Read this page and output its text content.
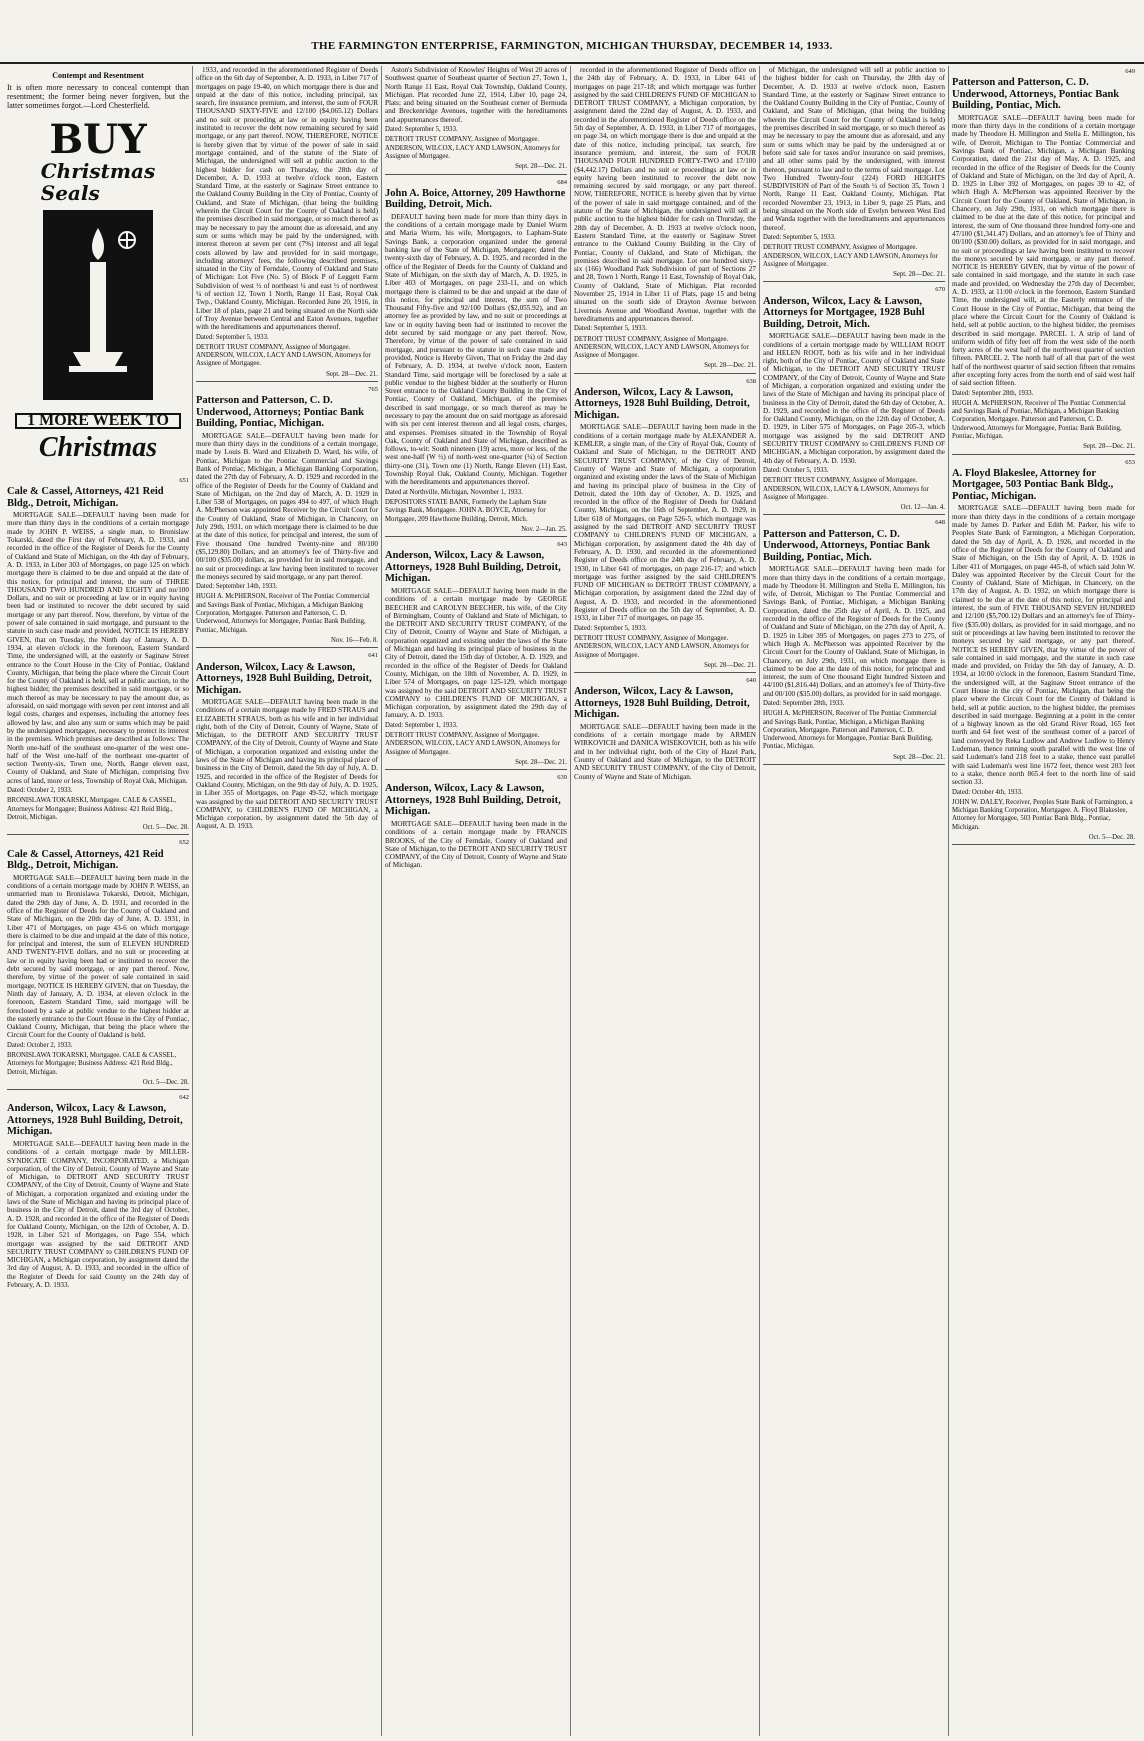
THE FARMINGTON ENTERPRISE, FARMINGTON, MICHIGAN THURSDAY, DECEMBER 14, 1933.
Contempt and Resentment
It is often more necessary to conceal contempt than resentment; the former being never forgiven, but the latter sometimes forgot.—Lord Chesterfield.
BUY Christmas
Seals
1 MORE WEEK TO
Christmas
651
Cale & Cassel, Attorneys, 421 Reid Bldg., Detroit, Michigan.
MORTGAGE SALE—DEFAULT having been made for more than thirty days in the conditions of a certain mortgage made by JOHN P. WEISS, a single man, to Bronislaw Tokarski, dated the First day of February, A. D. 1933, and recorded in the office of the Register of Deeds for the County of Oakland and State of Michigan, on the 4th day of February, A. D. 1933, in Liber 303 of Mortgages, on page 125 on which mortgage there is claimed to be due and unpaid at the date of this notice, for principal and interest, the sum of THREE THOUSAND TWO HUNDRED AND EIGHTY and no/100 Dollars, and no suit or proceeding at law or in equity having been had or instituted to recover the debt secured by said mortgage or any part thereof. Now, therefore, by virtue of the power of sale contained in said mortgage, and pursuant to the statute in such case made and provided, NOTICE IS HEREBY GIVEN, that on Tuesday, the Ninth day of January, A. D. 1934, at eleven o'clock in the forenoon, Eastern Standard Time, the undersigned will, at the easterly or Saginaw Street entrance to the Court House in the City of Pontiac, Oakland County, Michigan, that being the place where the Circuit Court for the County of Oakland is held, sell at public auction, to the highest bidder, the premises described in said mortgage, or so much thereof as may be necessary to pay the amount due, as aforesaid, on said mortgage with seven per cent interest and all legal costs, charges and expenses, including the attorney fees allowed by law, and also any sum or sums which may be paid by the undersigned mortgagee, necessary to protect its interest in the premises. Which premises are described as follows: The North one-half of the southeast one-quarter of the west one-half of the West one-half of the northeast one-quarter of section Twenty-six, Town one, North, Range eleven east, County of Oakland, and State of Michigan, comprising five acres of land, more or less, Township of Royal Oak, Michigan.
Dated: October 2, 1933.
BRONISLAWA TOKARSKI, Mortgagee. CALE & CASSEL, Attorneys for Mortgagee; Business Address: 421 Reid Bldg., Detroit, Michigan.
Oct. 5—Dec. 28.
652
Cale & Cassel, Attorneys, 421 Reid Bldg., Detroit, Michigan.
MORTGAGE SALE—DEFAULT having been made in the conditions of a certain mortgage made by JOHN P. WEISS, an unmarried man to Bronislawa Tokarski, Detroit, Michigan, dated the 29th day of June, A. D. 1931, and recorded in the office of the Register of Deeds for the County of Oakland and State of Michigan, on the 20th day of June, A. D. 1931, in Liber 471 of Mortgages, on page 43-6 on which mortgage there is claimed to be due and unpaid at the date of this notice, for principal and interest, the sum of ELEVEN HUNDRED AND TWENTY-FIVE dollars, and no suit or proceeding at law or in equity having been had or instituted to recover the debt secured by said mortgage, or any part thereof. Now, therefore, by virtue of the power of sale contained in said mortgage, NOTICE IS HEREBY GIVEN, that on Tuesday, the Ninth day of January, A. D. 1934, at eleven o'clock in the forenoon, Eastern Standard Time, said mortgage will be foreclosed by a sale at public vendue to the highest bidder at the easterly entrance to the Court House in the City of Pontiac, Oakland County, Michigan, that being the place where the Circuit Court for the County of Oakland is held.
Dated: October 2, 1933.
BRONISLAWA TOKARSKI, Mortgagee. CALE & CASSEL, Attorneys for Mortgagee; Business Address: 421 Reid Bldg., Detroit, Michigan.
Oct. 5—Dec. 28.
642
Anderson, Wilcox, Lacy & Lawson, Attorneys, 1928 Buhl Building, Detroit, Michigan.
MORTGAGE SALE—DEFAULT having been made in the conditions of a certain mortgage made by MILLER-SYNDICATE COMPANY, INCORPORATED, a Michigan corporation, of the City of Detroit, County of Wayne and State of Michigan, to DETROIT AND SECURITY TRUST COMPANY, of the City of Detroit, County of Wayne and State of Michigan, a corporation organized and existing under the laws of the State of Michigan and having its principal place of business in the City of Detroit, dated the 3rd day of October, A. D. 1928, and recorded in the office of the Register of Deeds for Oakland County, Michigan, on the 12th of October, A. D. 1928, in Liber 521 of Mortgages, on Page 554, which mortgage was assigned by the said DETROIT AND SECURITY TRUST COMPANY to CHILDREN'S FUND OF MICHIGAN, a Michigan corporation, by assignment dated the 3rd day of August, A. D. 1933, and recorded in the office of the Register of Deeds for said County on the 24th day of February, A. D. 1933.
1933, and recorded in the aforementioned Register of Deeds office on the 6th day of September, A. D. 1933, in Liber 717 of mortgages on page 19-40, on which mortgage there is due and unpaid at the date of this notice, including principal, tax search, fire insurance premium, and interest, the sum of FOUR THOUSAND SIXTY-FIVE and 12/100 ($4,065.12) Dollars and no suit or proceeding at law or in equity having been instituted to recover the debt now remaining secured by said mortgage, or any part thereof. NOW, THEREFORE, NOTICE is hereby given that by virtue of the power of sale in said mortgage contained, and of the statute of the State of Michigan, the undersigned will sell at public auction to the highest bidder for cash on Thursday, the 28th day of December, A. D. 1933 at twelve o'clock noon, Eastern Standard Time, at the easterly or Saginaw Street entrance to the Oakland County Building in the City of Pontiac, County of Oakland, and State of Michigan, (that being the building wherein the Circuit Court for the County of Oakland is held) the premises described in said mortgage, or so much thereof as may be necessary to pay the amount due as aforesaid, and any sum or sums which may be paid by the undersigned, with interest thereon at seven per cent (7%) interest and all legal costs allowed by law and provided for in said mortgage, including attorneys' fees, the following described premises, situated in the City of Ferndale, County of Oakland and State of Michigan: Lot Five (No. 5) of Block P of Leggett Farm Subdivision of west ½ of northeast ¼ and east ½ of northwest ¼ of section 12, Town 1 North, Range 11 East, Royal Oak Twp., Oakland County, Michigan. Recorded June 20, 1916, in Liber 18 of plats, page 21 and being situated on the North side of Troy Avenue between Central and Eaton Avenues, together with the hereditaments and appurtenances thereof.
Dated: September 5, 1933.
DETROIT TRUST COMPANY, Assignee of Mortgagee. ANDERSON, WILCOX, LACY AND LAWSON, Attorneys for Assignee of Mortgagee.
Sept. 28—Dec. 21.
765
Patterson and Patterson, C. D. Underwood, Attorneys; Pontiac Bank Building, Pontiac, Michigan.
MORTGAGE SALE—DEFAULT having been made for more than thirty days in the conditions of a certain mortgage, made by Louis B. Ward and Elizabeth D. Ward, his wife, of Pontiac, Michigan to the Pontiac Commercial and Savings Bank of Pontiac, Michigan, a Michigan Banking Corporation, dated the 27th day of February, A. D. 1929 and recorded in the office of the Register of Deeds for the County of Oakland and State of Michigan, on the 2nd day of March, A. D. 1929 in Liber 538 of Mortgages, on pages 494 to 497, of which Hugh A. McPherson was appointed Receiver by the Circuit Court for the County of Oakland, State of Michigan, in Chancery, on July 29th, 1931, on which mortgage there is claimed to be due at the date of this notice, for principal and interest, the sum of Five thousand One hundred Twenty-nine and 80/100 ($5,129.80) Dollars, and an attorney's fee of Thirty-five and 00/100 ($35.00) dollars, as provided for in said mortgage, and no suit or proceedings at law having been instituted to recover the moneys secured by said mortgage, or any part thereof.
Dated: September 14th, 1933.
HUGH A. McPHERSON, Receiver of The Pontiac Commercial and Savings Bank of Pontiac, Michigan, a Michigan Banking Corporation, Mortgagee. Patterson and Patterson, C. D. Underwood, Attorneys for Mortgagee, Pontiac Bank Building, Pontiac, Michigan.
Nov. 16—Feb. 8.
641
Anderson, Wilcox, Lacy & Lawson, Attorneys, 1928 Buhl Building, Detroit, Michigan.
MORTGAGE SALE—DEFAULT having been made in the conditions of a certain mortgage made by FRED STRAUS and ELIZABETH STRAUS, both as his wife and in her individual right, both of the City of Detroit, County of Wayne, State of Michigan, to the DETROIT AND SECURITY TRUST COMPANY, of the City of Detroit, County of Wayne and State of Michigan, a corporation organized and existing under the laws of the State of Michigan and having its principal place of business in the City of Detroit, dated the 5th day of July, A. D. 1925, and recorded in the office of the Register of Deeds for Oakland County, Michigan, on the 9th day of July, A. D. 1925, in Liber 355 of Mortgages, on Page 49-52, which mortgage was assigned by the said DETROIT AND SECURITY TRUST COMPANY, to CHILDREN'S FUND OF MICHIGAN, a Michigan corporation, by assignment dated the 5th day of August, A. D. 1933.
Aston's Subdivision of Knowles' Heights of West 20 acres of Southwest quarter of Southeast quarter of Section 27, Town 1, North Range 11 East, Royal Oak Township, Oakland County, Michigan. Plat recorded June 22, 1914, Liber 10, page 24, Plats; and being situated on the Southeast corner of Bermuda and Breckenridge Avenues, together with the hereditaments and appurtenances thereof.
Dated: September 5, 1933.
DETROIT TRUST COMPANY, Assignee of Mortgagee. ANDERSON, WILCOX, LACY AND LAWSON, Attorneys for Assignee of Mortgagee.
Sept. 28—Dec. 21.
684
John A. Boice, Attorney, 209 Hawthorne Building, Detroit, Mich.
DEFAULT having been made for more than thirty days in the conditions of a certain mortgage made by Daniel Wurm and Maria Wurm, his wife, Mortgagors, to Lapham-State Savings Bank, a corporation organized under the general banking law of the State of Michigan, Mortgagee; dated the twenty-sixth day of February, A. D. 1925, and recorded in the office of the Register of Deeds for the County of Oakland and State of Michigan, on the sixth day of March, A. D. 1925, in Liber 403 of Mortgages, on page 233-11, and on which mortgage there is claimed to be due and unpaid at the date of this notice, for principal and interest, the sum of Two Thousand Fifty-five and 92/100 Dollars ($2,055.92), and an attorney fee as provided by law, and no suit or proceedings at law or in equity having been had or instituted to recover the debt secured by said mortgage or any part thereof. Now, Therefore, by virtue of the power of sale contained in said mortgage, and pursuant to the statute in such case made and provided, Notice is Hereby Given, That on Friday the 2nd day of February, A. D. 1934, at twelve o'clock noon, Eastern Standard Time, said mortgage will be foreclosed by a sale at public vendue to the highest bidder at the southerly or Huron Street entrance to the Oakland County Building in the City of Pontiac, County of Oakland, Michigan, of the premises described in said mortgage, or so much thereof as may be necessary to pay the amount due on said mortgage as aforesaid with six per cent interest thereon and all legal costs, charges, and expenses. Premises situated in the Township of Royal Oak, County of Oakland and State of Michigan, described as follows, to-wit: South nineteen (19) acres, more or less, of the west one-half (W ½) of north-west one-quarter (¼) of Section thirty-one (31), Town one (1) North, Range Eleven (11) East, Township Royal Oak, Oakland County, Michigan. Together with the hereditaments and appurtenances thereof.
Dated at Northville, Michigan, November 1, 1933.
DEPOSITORS STATE BANK, Formerly the Lapham State Savings Bank, Mortgagee. JOHN A. BOYCE, Attorney for Mortgagee, 209 Hawthorne Building, Detroit, Mich.
Nov. 2—Jan. 25.
643
Anderson, Wilcox, Lacy & Lawson, Attorneys, 1928 Buhl Building, Detroit, Michigan.
MORTGAGE SALE—DEFAULT having been made in the conditions of a certain mortgage made by GEORGE BEECHER and CAROLYN BEECHER, his wife, of the City of Birmingham, County of Oakland and State of Michigan, to the DETROIT AND SECURITY TRUST COMPANY, of the City of Detroit, County of Wayne and State of Michigan, a corporation organized and existing under the laws of the State of Michigan and having its principal place of business in the City of Detroit, dated the 15th day of October, A. D. 1929, and recorded in the office of the Register of Deeds for Oakland County, Michigan, on the 18th of November, A. D. 1929, in Liber 574 of Mortgages, on page 125-129, which mortgage was assigned by the said DETROIT AND SECURITY TRUST COMPANY to CHILDREN'S FUND OF MICHIGAN, a Michigan corporation, by assignment dated the 29th day of January, A. D. 1933.
Dated: September 1, 1933.
DETROIT TRUST COMPANY, Assignee of Mortgagee. ANDERSON, WILCOX, LACY AND LAWSON, Attorneys for Assignee of Mortgagee.
Sept. 28—Dec. 21.
639
Anderson, Wilcox, Lacy & Lawson, Attorneys, 1928 Buhl Building, Detroit, Michigan.
MORTGAGE SALE—DEFAULT having been made in the conditions of a certain mortgage made by FRANCIS BROOKS, of the City of Ferndale, County of Oakland and State of Michigan, to the DETROIT AND SECURITY TRUST COMPANY, of the City of Detroit, County of Wayne and State of Michigan.
recorded in the aforementioned Register of Deeds office on the 24th day of February, A. D. 1933, in Liber 641 of mortgages on page 217-18; and which mortgage was further assigned by the said CHILDREN'S FUND OF MICHIGAN to DETROIT TRUST COMPANY, a Michigan corporation, by assignment dated the 22nd day of August, A. D. 1933, and recorded in the aforementioned Register of Deeds office on the 5th day of September, A. D. 1933, in Liber 717 of mortgages, on page 34, on which mortgage there is due and unpaid at the date of this notice, including principal, tax search, fire insurance premium, and interest, the sum of FOUR THOUSAND FOUR HUNDRED FORTY-TWO and 17/100 ($4,442.17) Dollars and no suit or proceedings at law or in equity having been instituted to recover the debt now remaining secured by said mortgage, or any part thereof. NOW, THEREFORE, NOTICE is hereby given that by virtue of the power of sale in said mortgage contained, and of the statute of the State of Michigan, the undersigned will sell at public auction to the highest bidder for cash on Thursday, the 28th day of December, A. D. 1933 at twelve o'clock noon, Eastern Standard Time, at the easterly or Saginaw Street entrance to the Oakland County Building in the City of Pontiac, County of Oakland, and State of Michigan, the premises described in said mortgage. Lot one hundred sixty-six (166) Woodland Park Subdivision of part of Sections 27 and 28, Town 1 North, Range 11 East, Township of Royal Oak, County of Oakland, State of Michigan. Plat recorded November 25, 1914 in Liber 11 of Plats, page 15 and being situated on the south side of Drayton Avenue between Livernois Avenue and Woodland Avenue, together with the hereditaments and appurtenances thereof.
Dated: September 5, 1933.
DETROIT TRUST COMPANY, Assignee of Mortgagee. ANDERSON, WILCOX, LACY AND LAWSON, Attorneys for Assignee of Mortgagee.
Sept. 28—Dec. 21.
638
Anderson, Wilcox, Lacy & Lawson, Attorneys, 1928 Buhl Building, Detroit, Michigan.
MORTGAGE SALE—DEFAULT having been made in the conditions of a certain mortgage made by ALEXANDER A. KEMLER, a single man, of the City of Royal Oak, County of Oakland and State of Michigan, to the DETROIT AND SECURITY TRUST COMPANY, of the City of Detroit, County of Wayne and State of Michigan, a corporation organized and existing under the laws of the State of Michigan and having its principal place of business in the City of Detroit, dated the 10th day of October, A. D. 1925, and recorded in the office of the Register of Deeds for Oakland County, Michigan, on the 16th of September, A. D. 1929, in Liber 618 of Mortgages, on Page 526-5, which mortgage was assigned by the said DETROIT AND SECURITY TRUST COMPANY to CHILDREN'S FUND OF MICHIGAN, a Michigan corporation, by assignment dated the 4th day of February, A. D. 1930, and recorded in the aforementioned Register of Deeds office on the 24th day of February, A. D. 1930, in Liber 641 of mortgages, on page 216-17; and which mortgage was further assigned by the said CHILDREN'S FUND OF MICHIGAN to DETROIT TRUST COMPANY, a Michigan corporation, by assignment dated the 22nd day of August, A. D. 1933, and recorded in the aforementioned Register of Deeds office on the 5th day of September, A. D. 1933, in Liber 717 of mortgages, on page 35.
Dated: September 5, 1933.
DETROIT TRUST COMPANY, Assignee of Mortgagee. ANDERSON, WILCOX, LACY AND LAWSON, Attorneys for Assignee of Mortgagee.
Sept. 28—Dec. 21.
640
Anderson, Wilcox, Lacy & Lawson, Attorneys, 1928 Buhl Building, Detroit, Michigan.
MORTGAGE SALE—DEFAULT having been made in the conditions of a certain mortgage made by ARMEN WIRKOVICH and DANICA WISEKOVICH, both as his wife and in her individual right, both of the City of Hazel Park, County of Oakland and State of Michigan, to the DETROIT AND SECURITY TRUST COMPANY, of the City of Detroit, County of Wayne and State of Michigan.
of Michigan, the undersigned will sell at public auction to the highest bidder for cash on Thursday, the 28th day of December, A. D. 1933 at twelve o'clock noon, Eastern Standard Time, at the easterly or Saginaw Street entrance to the Oakland County Building in the City of Pontiac, County of Oakland, and State of Michigan, (that being the building wherein the Circuit Court for the County of Oakland is held) the premises described in said mortgage, or so much thereof as may be necessary to pay the amount due as aforesaid, and any sum or sums which may be paid by the undersigned at or before said sale for taxes and/or insurance on said premises, and all other sums paid by the undersigned, with interest thereon, pursuant to law and to the terms of said mortgage. Lot Two Hundred Twenty-four (224) FORD HEIGHTS SUBDIVISION of Part of the South ½ of Section 35, Town 1 North, Range 11 East, Oakland County, Michigan. Plat recorded November 23, 1913, in Liber 9, page 25 Plats, and being situated on the North side of Evelyn between West End and Wanda together with the hereditaments and appurtenances thereof.
Dated: September 5, 1933.
DETROIT TRUST COMPANY, Assignee of Mortgagee. ANDERSON, WILCOX, LACY AND LAWSON, Attorneys for Assignee of Mortgagee.
Sept. 28—Dec. 21.
670
Anderson, Wilcox, Lacy & Lawson, Attorneys for Mortgagee, 1928 Buhl Building, Detroit, Mich.
MORTGAGE SALE—DEFAULT having been made in the conditions of a certain mortgage made by WILLIAM ROOT and HELEN ROOT, both as his wife and in her individual right, both of the City of Pontiac, County of Oakland and State of Michigan, to the DETROIT AND SECURITY TRUST COMPANY, of the City of Detroit, County of Wayne and State of Michigan, a corporation organized and existing under the laws of the State of Michigan and having its principal place of business in the City of Detroit, dated the 6th day of October, A. D. 1929, and recorded in the office of the Register of Deeds for Oakland County, Michigan, on the 12th day of October, A. D. 1929, in Liber 575 of Mortgages, on Page 205-3, which mortgage was assigned by the said DETROIT AND SECURITY TRUST COMPANY to CHILDREN'S FUND OF MICHIGAN, a Michigan corporation, by assignment dated the 4th day of February, A. D. 1930.
Dated: October 5, 1933.
DETROIT TRUST COMPANY, Assignee of Mortgagee. ANDERSON, WILCOX, LACY & LAWSON, Attorneys for Assignee of Mortgagee.
Oct. 12—Jan. 4.
648
Patterson and Patterson, C. D. Underwood, Attorneys, Pontiac Bank Building, Pontiac, Mich.
MORTGAGE SALE—DEFAULT having been made for more than thirty days in the conditions of a certain mortgage, made by Theodore H. Millington and Stella E. Millington, his wife, of Detroit, Michigan to The Pontiac Commercial and Savings Bank, of Pontiac, Michigan, a Michigan Banking Corporation, dated the 25th day of April, A. D. 1925, and recorded in the office of the Register of Deeds for the County of Oakland and State of Michigan, on the 27th day of April, A. D. 1925 in Liber 395 of Mortgages, on pages 273 to 275, of which Hugh A. McPherson was appointed Receiver by the Circuit Court for the County of Oakland, State of Michigan, in Chancery, on July 29th, 1931, on which mortgage there is claimed to be due at the date of this notice, for principal and interest, the sum of One thousand Eight hundred Sixteen and 44/100 ($1,816.44) Dollars, and an attorney's fee of Thirty-five and 00/100 ($35.00) dollars, as provided for in said mortgage.
Dated: September 28th, 1933.
HUGH A. McPHERSON, Receiver of The Pontiac Commercial and Savings Bank, Pontiac, Michigan, a Michigan Banking Corporation, Mortgagee. Patterson and Patterson, C. D. Underwood, Attorneys for Mortgagee, Pontiac Bank Building, Pontiac, Michigan.
Sept. 28—Dec. 21.
649
Patterson and Patterson, C. D. Underwood, Attorneys, Pontiac Bank Building, Pontiac, Mich.
MORTGAGE SALE—DEFAULT having been made for more than thirty days in the conditions of a certain mortgage made by Theodore H. Millington and Stella E. Millington, his wife, of Detroit, Michigan to The Pontiac Commercial and Savings Bank of Pontiac, Michigan, a Michigan Banking Corporation, dated the 21st day of May, A. D. 1925, and recorded in the office of the Register of Deeds for the County of Oakland and State of Michigan, on the 3rd day of April, A. D. 1925 in Liber 392 of Mortgages, on pages 39 to 42, of which Hugh A. McPherson was appointed Receiver by the Circuit Court for the County of Oakland, State of Michigan, in Chancery, on July 29th, 1931, on which mortgage there is claimed to be due at the date of this notice, for principal and interest, the sum of One thousand three hundred forty-one and 47/100 ($1,341.47) Dollars, and an attorney's fee of Thirty and 00/100 ($30.00) dollars, as provided for in said mortgage, and no suit or proceedings at law having been instituted to recover the moneys secured by said mortgage, or any part thereof. NOTICE IS HEREBY GIVEN, that by virtue of the power of sale contained in said mortgage, and the statute in such case made and provided, on Wednesday the 27th day of December, A. D. 1933, at 11:00 o'clock in the forenoon, Eastern Standard Time, the undersigned will, at the Easterly entrance of the Court House in the City of Pontiac, Michigan, that being the place where the Circuit Court for the County of Oakland is held, sell at public auction, to the highest bidder, the premises described in said mortgage. PARCEL 1. A strip of land of uniform width of fifty feet off from the west side of the north forty acres of the west half of the northwest quarter of section fifteen. PARCEL 2. The north half of all that part of the west half of the northwest quarter of said section fifteen that remains after excepting forty acres from the north end of said west half of said section fifteen.
Dated: September 28th, 1933.
HUGH A. McPHERSON, Receiver of The Pontiac Commercial and Savings Bank of Pontiac, Michigan, a Michigan Banking Corporation, Mortgagee. Patterson and Patterson, C. D. Underwood, Attorneys for Mortgagee, Pontiac Bank Building, Pontiac, Michigan.
Sept. 28—Dec. 21.
653
A. Floyd Blakeslee, Attorney for Mortgagee, 503 Pontiac Bank Bldg., Pontiac, Michigan.
MORTGAGE SALE—DEFAULT having been made for more than thirty days in the conditions of a certain mortgage made by James D. Parker and Edith M. Parker, his wife to Peoples State Bank of Farmington, a Michigan Corporation, dated the 5th day of April, A. D. 1926, and recorded in the office of the Register of Deeds for the County of Oakland and State of Michigan, on the 15th day of April, A. D. 1926 in Liber 411 of Mortgages, on page 445-8, of which said John W. Daley was appointed Receiver by the Circuit Court for the County of Oakland, State of Michigan, in Chancery, on the 17th day of August, A. D. 1932, on which mortgage there is claimed to be due at the date of this notice, for principal and interest, the sum of FIVE THOUSAND SEVEN HUNDRED and 12/100 ($5,700.12) Dollars and an attorney's fee of Thirty-five ($35.00) dollars, as provided for in said mortgage, and no suit or proceedings at law having been instituted to recover the moneys secured by said mortgage, or any part thereof. NOTICE IS HEREBY GIVEN, that by virtue of the power of sale contained in said mortgage, and the statute in such case made and provided, on Friday the 5th day of January, A. D. 1934, at 10:00 o'clock in the forenoon, Eastern Standard Time, the undersigned will, at the Saginaw Street entrance of the Court House in the city of Pontiac, Michigan, that being the place where the Circuit Court for the County of Oakland is held, sell at public auction, to the highest bidder, the premises described in said mortgage. Beginning at a point in the center of a highway known as the old Grand River Road, 165 feet north and 64 feet west of the southeast corner of a parcel of land conveyed by Reka Ludlow and Andrew Ludlow to Henry Ludeman, thence running south parallel with the west line of said Ludeman's land 218 feet to a stake, thence east parallel with said Ludeman's west line 1672 feet, thence west 203 feet to a stake, thence north 865.4 feet to the north line of said section 33.
Dated: October 4th, 1933.
JOHN W. DALEY, Receiver, Peoples State Bank of Farmington, a Michigan Banking Corporation, Mortgagee. A. Floyd Blakeslee, Attorney for Mortgagee, 503 Pontiac Bank Bldg., Pontiac, Michigan.
Oct. 5—Dec. 28.
